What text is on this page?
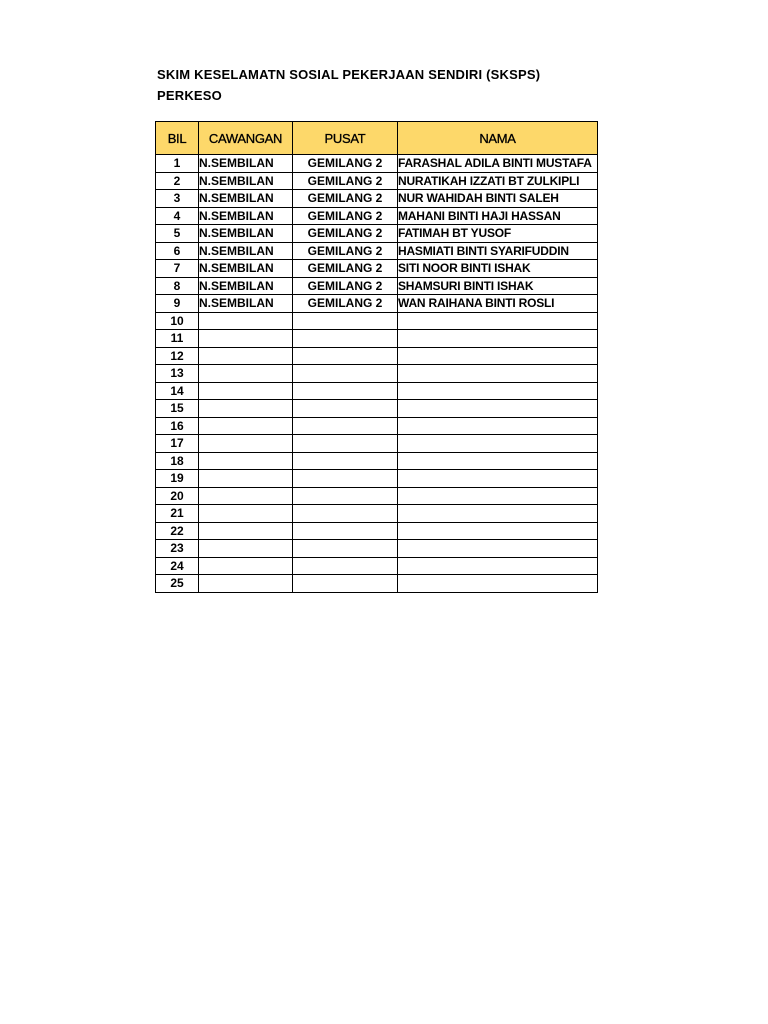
SKIM KESELAMATN SOSIAL PEKERJAAN SENDIRI (SKSPS)
PERKESO
BIL	CAWANGAN	PUSAT	NAMA
1	N.SEMBILAN	GEMILANG 2	FARASHAL ADILA BINTI MUSTAFA
2	N.SEMBILAN	GEMILANG 2	NURATIKAH IZZATI BT ZULKIPLI
3	N.SEMBILAN	GEMILANG 2	NUR WAHIDAH BINTI SALEH
4	N.SEMBILAN	GEMILANG 2	MAHANI BINTI HAJI HASSAN
5	N.SEMBILAN	GEMILANG 2	FATIMAH BT YUSOF
6	N.SEMBILAN	GEMILANG 2	HASMIATI BINTI SYARIFUDDIN
7	N.SEMBILAN	GEMILANG 2	SITI NOOR BINTI ISHAK
8	N.SEMBILAN	GEMILANG 2	SHAMSURI BINTI ISHAK
9	N.SEMBILAN	GEMILANG 2	WAN RAIHANA BINTI ROSLI
10			
11			
12			
13			
14			
15			
16			
17			
18			
19			
20			
21			
22			
23			
24			
25			
